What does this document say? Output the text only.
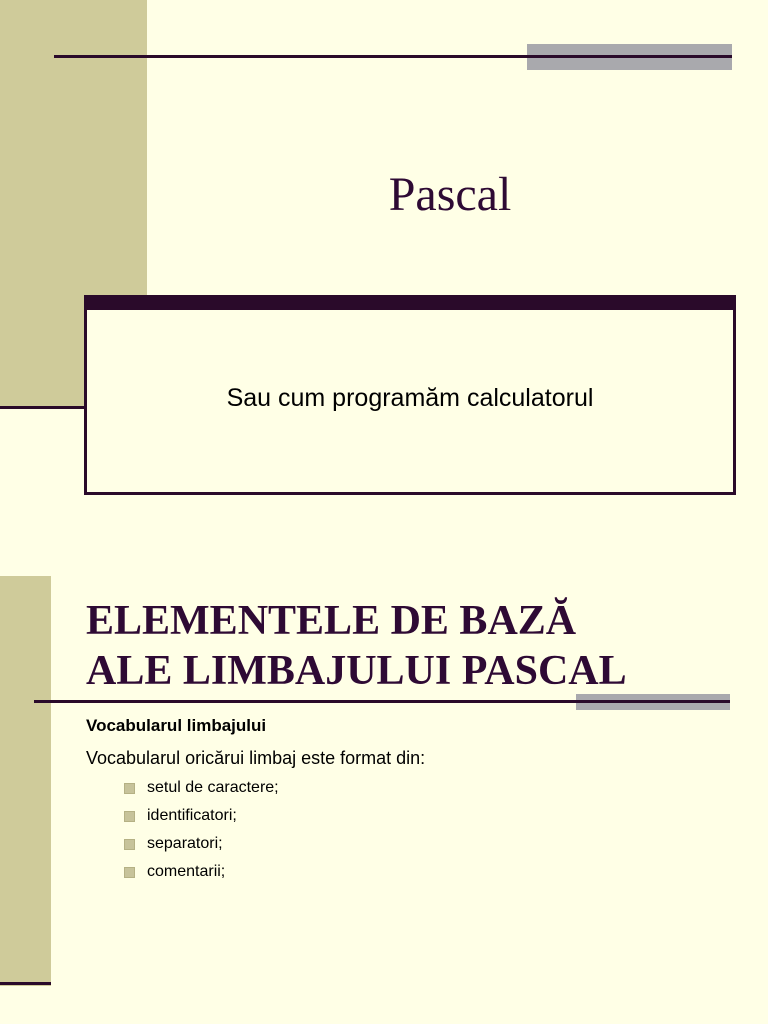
Pascal
Sau cum programăm calculatorul
ELEMENTELE DE BAZĂ
ALE LIMBAJULUI PASCAL
Vocabularul limbajului
Vocabularul oricărui limbaj este format din:
setul de caractere;
identificatori;
separatori;
comentarii;
